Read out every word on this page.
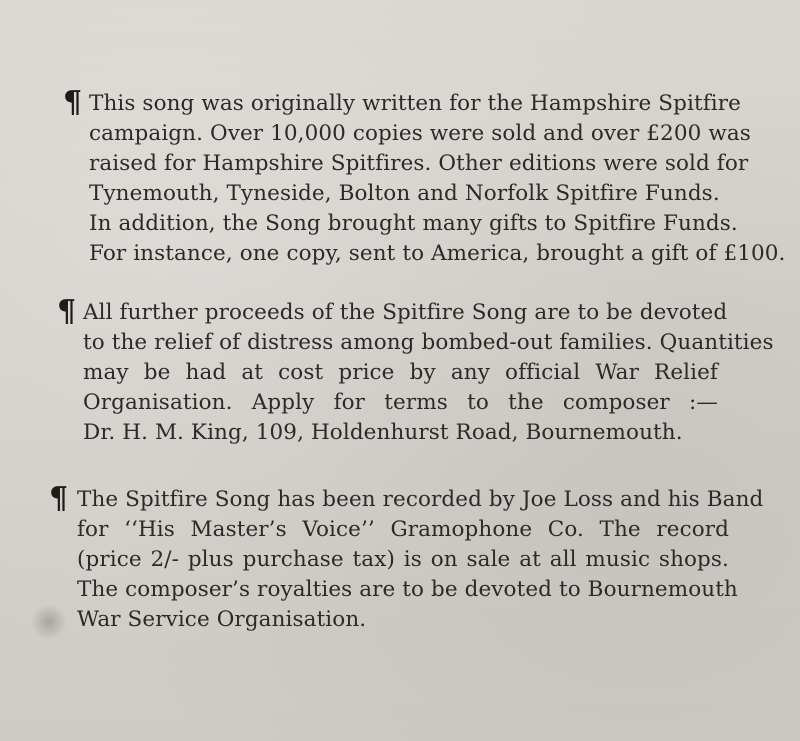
¶ This song was originally written for the Hampshire Spitfire
campaign. Over 10,000 copies were sold and over £200 was
raised for Hampshire Spitfires. Other editions were sold for
Tynemouth, Tyneside, Bolton and Norfolk Spitfire Funds.
In addition, the Song brought many gifts to Spitfire Funds.
For instance, one copy, sent to America, brought a gift of £100.
¶ All further proceeds of the Spitfire Song are to be devoted
to the relief of distress among bombed-out families. Quantities
may be had at cost price by any official War Relief
Organisation. Apply for terms to the composer :—
Dr. H. M. King, 109, Holdenhurst Road, Bournemouth.
¶ The Spitfire Song has been recorded by Joe Loss and his Band
for ‘‘His Master’s Voice’’ Gramophone Co. The record
(price 2/- plus purchase tax) is on sale at all music shops.
The composer’s royalties are to be devoted to Bournemouth
War Service Organisation.
